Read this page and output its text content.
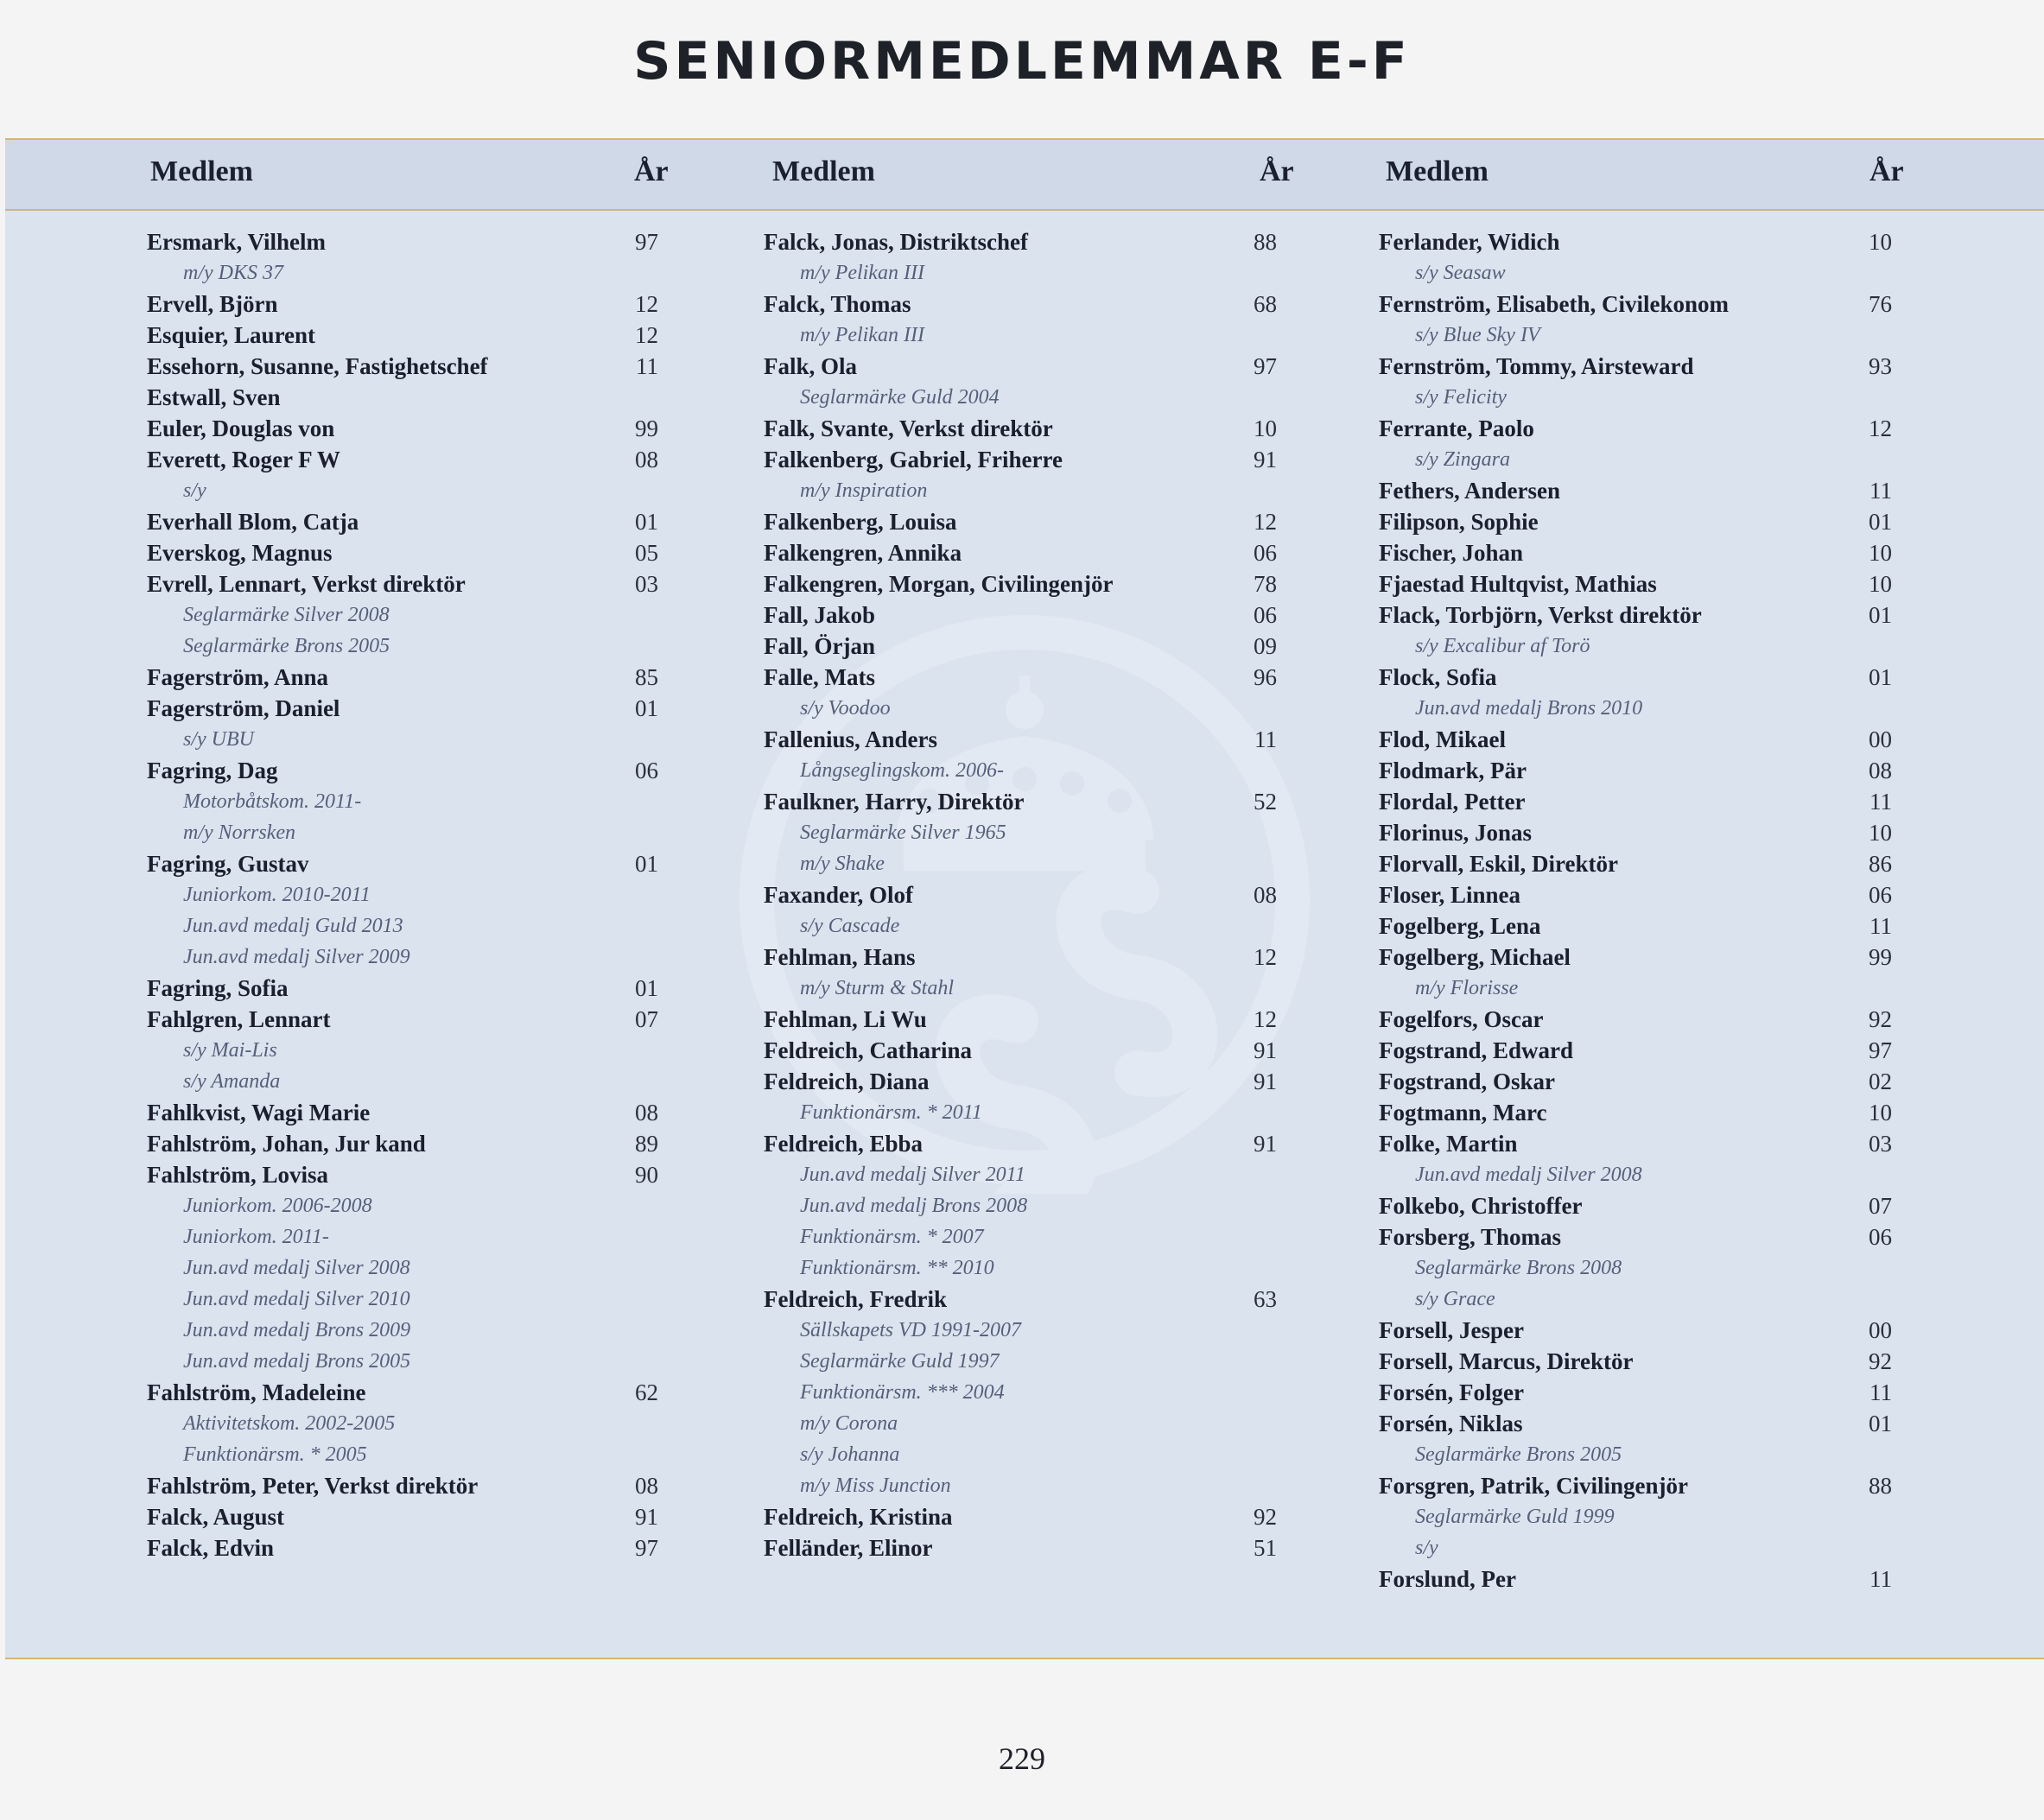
SENIORMEDLEMMAR E-F
Medlem	År	Medlem	År	Medlem	År
Ersmark, Vilhelm	97
m/y DKS 37
Ervell, Björn	12
Esquier, Laurent	12
Essehorn, Susanne, Fastighetschef	11
Estwall, Sven
Euler, Douglas von	99
Everett, Roger F W	08
s/y
Everhall Blom, Catja	01
Everskog, Magnus	05
Evrell, Lennart, Verkst direktör	03
Seglarmärke Silver 2008
Seglarmärke Brons 2005
Fagerström, Anna	85
Fagerström, Daniel	01
s/y UBU
Fagring, Dag	06
Motorbåtskom. 2011-
m/y Norrsken
Fagring, Gustav	01
Juniorkom. 2010-2011
Jun.avd medalj Guld 2013
Jun.avd medalj Silver 2009
Fagring, Sofia	01
Fahlgren, Lennart	07
s/y Mai-Lis
s/y Amanda
Fahlkvist, Wagi Marie	08
Fahlström, Johan, Jur kand	89
Fahlström, Lovisa	90
Juniorkom. 2006-2008
Juniorkom. 2011-
Jun.avd medalj Silver 2008
Jun.avd medalj Silver 2010
Jun.avd medalj Brons 2009
Jun.avd medalj Brons 2005
Fahlström, Madeleine	62
Aktivitetskom. 2002-2005
Funktionärsm. * 2005
Fahlström, Peter, Verkst direktör	08
Falck, August	91
Falck, Edvin	97
Falck, Jonas, Distriktschef	88
m/y Pelikan III
Falck, Thomas	68
m/y Pelikan III
Falk, Ola	97
Seglarmärke Guld 2004
Falk, Svante, Verkst direktör	10
Falkenberg, Gabriel, Friherre	91
m/y Inspiration
Falkenberg, Louisa	12
Falkengren, Annika	06
Falkengren, Morgan, Civilingenjör	78
Fall, Jakob	06
Fall, Örjan	09
Falle, Mats	96
s/y Voodoo
Fallenius, Anders	11
Långseglingskom. 2006-
Faulkner, Harry, Direktör	52
Seglarmärke Silver 1965
m/y Shake
Faxander, Olof	08
s/y Cascade
Fehlman, Hans	12
m/y Sturm & Stahl
Fehlman, Li Wu	12
Feldreich, Catharina	91
Feldreich, Diana	91
Funktionärsm. * 2011
Feldreich, Ebba	91
Jun.avd medalj Silver 2011
Jun.avd medalj Brons 2008
Funktionärsm. * 2007
Funktionärsm. ** 2010
Feldreich, Fredrik	63
Sällskapets VD 1991-2007
Seglarmärke Guld 1997
Funktionärsm. *** 2004
m/y Corona
s/y Johanna
m/y Miss Junction
Feldreich, Kristina	92
Felländer, Elinor	51
Ferlander, Widich	10
s/y Seasaw
Fernström, Elisabeth, Civilekonom	76
s/y Blue Sky IV
Fernström, Tommy, Airsteward	93
s/y Felicity
Ferrante, Paolo	12
s/y Zingara
Fethers, Andersen	11
Filipson, Sophie	01
Fischer, Johan	10
Fjaestad Hultqvist, Mathias	10
Flack, Torbjörn, Verkst direktör	01
s/y Excalibur af Torö
Flock, Sofia	01
Jun.avd medalj Brons 2010
Flod, Mikael	00
Flodmark, Pär	08
Flordal, Petter	11
Florinus, Jonas	10
Florvall, Eskil, Direktör	86
Floser, Linnea	06
Fogelberg, Lena	11
Fogelberg, Michael	99
m/y Florisse
Fogelfors, Oscar	92
Fogstrand, Edward	97
Fogstrand, Oskar	02
Fogtmann, Marc	10
Folke, Martin	03
Jun.avd medalj Silver 2008
Folkebo, Christoffer	07
Forsberg, Thomas	06
Seglarmärke Brons 2008
s/y Grace
Forsell, Jesper	00
Forsell, Marcus, Direktör	92
Forsén, Folger	11
Forsén, Niklas	01
Seglarmärke Brons 2005
Forsgren, Patrik, Civilingenjör	88
Seglarmärke Guld 1999
s/y
Forslund, Per	11
229
